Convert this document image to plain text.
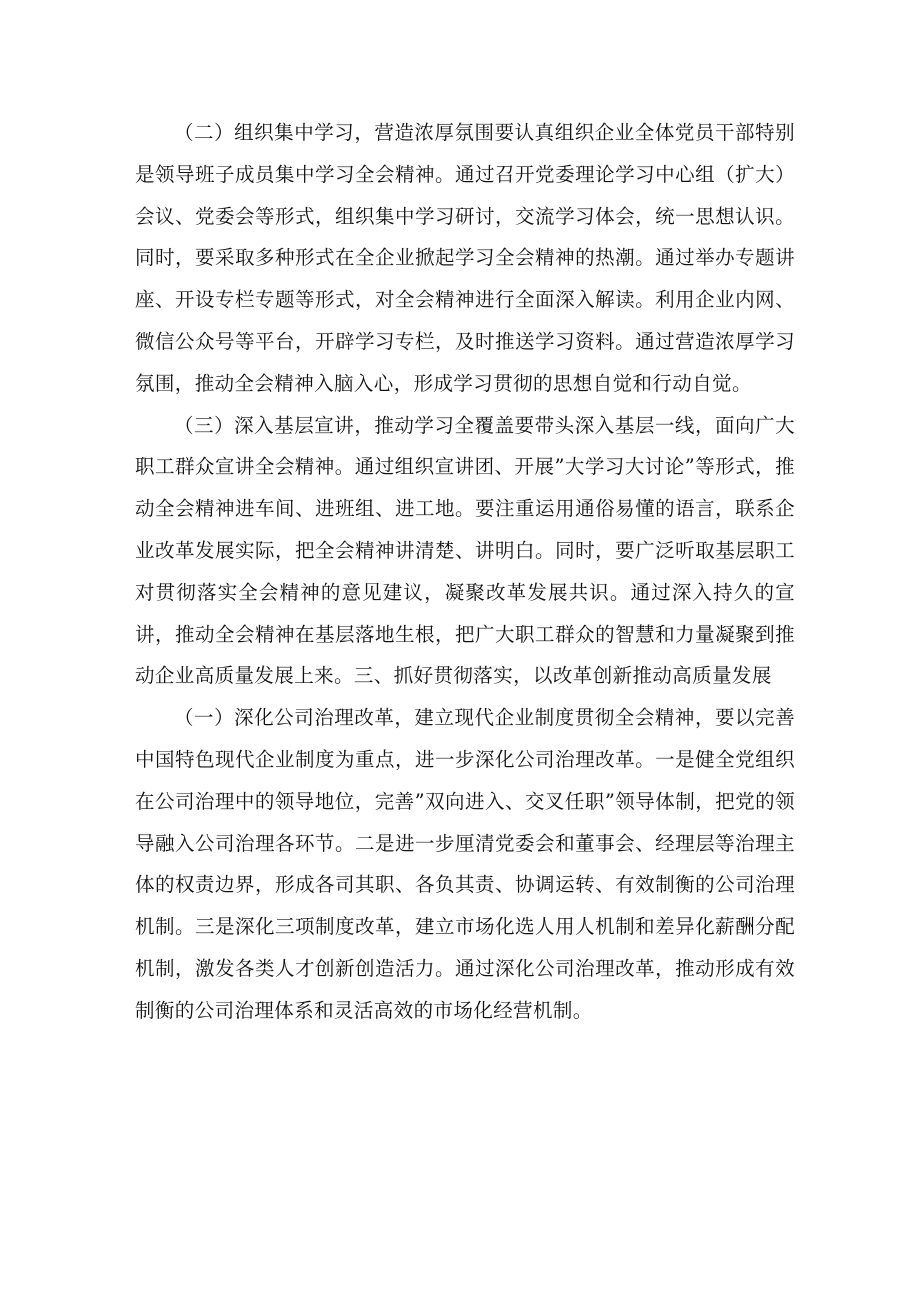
（二）组织集中学习，营造浓厚氛围要认真组织企业全体党员干部特别是领导班子成员集中学习全会精神。通过召开党委理论学习中心组（扩大）会议、党委会等形式，组织集中学习研讨，交流学习体会，统一思想认识。同时，要采取多种形式在全企业掀起学习全会精神的热潮。通过举办专题讲座、开设专栏专题等形式，对全会精神进行全面深入解读。利用企业内网、微信公众号等平台，开辟学习专栏，及时推送学习资料。通过营造浓厚学习氛围，推动全会精神入脑入心，形成学习贯彻的思想自觉和行动自觉。

（三）深入基层宣讲，推动学习全覆盖要带头深入基层一线，面向广大职工群众宣讲全会精神。通过组织宣讲团、开展”大学习大讨论”等形式，推动全会精神进车间、进班组、进工地。要注重运用通俗易懂的语言，联系企业改革发展实际，把全会精神讲清楚、讲明白。同时，要广泛听取基层职工对贯彻落实全会精神的意见建议，凝聚改革发展共识。通过深入持久的宣讲，推动全会精神在基层落地生根，把广大职工群众的智慧和力量凝聚到推动企业高质量发展上来。三、抓好贯彻落实，以改革创新推动高质量发展

（一）深化公司治理改革，建立现代企业制度贯彻全会精神，要以完善中国特色现代企业制度为重点，进一步深化公司治理改革。一是健全党组织在公司治理中的领导地位，完善”双向进入、交叉任职”领导体制，把党的领导融入公司治理各环节。二是进一步厘清党委会和董事会、经理层等治理主体的权责边界，形成各司其职、各负其责、协调运转、有效制衡的公司治理机制。三是深化三项制度改革，建立市场化选人用人机制和差异化薪酬分配机制，激发各类人才创新创造活力。通过深化公司治理改革，推动形成有效制衡的公司治理体系和灵活高效的市场化经营机制。
